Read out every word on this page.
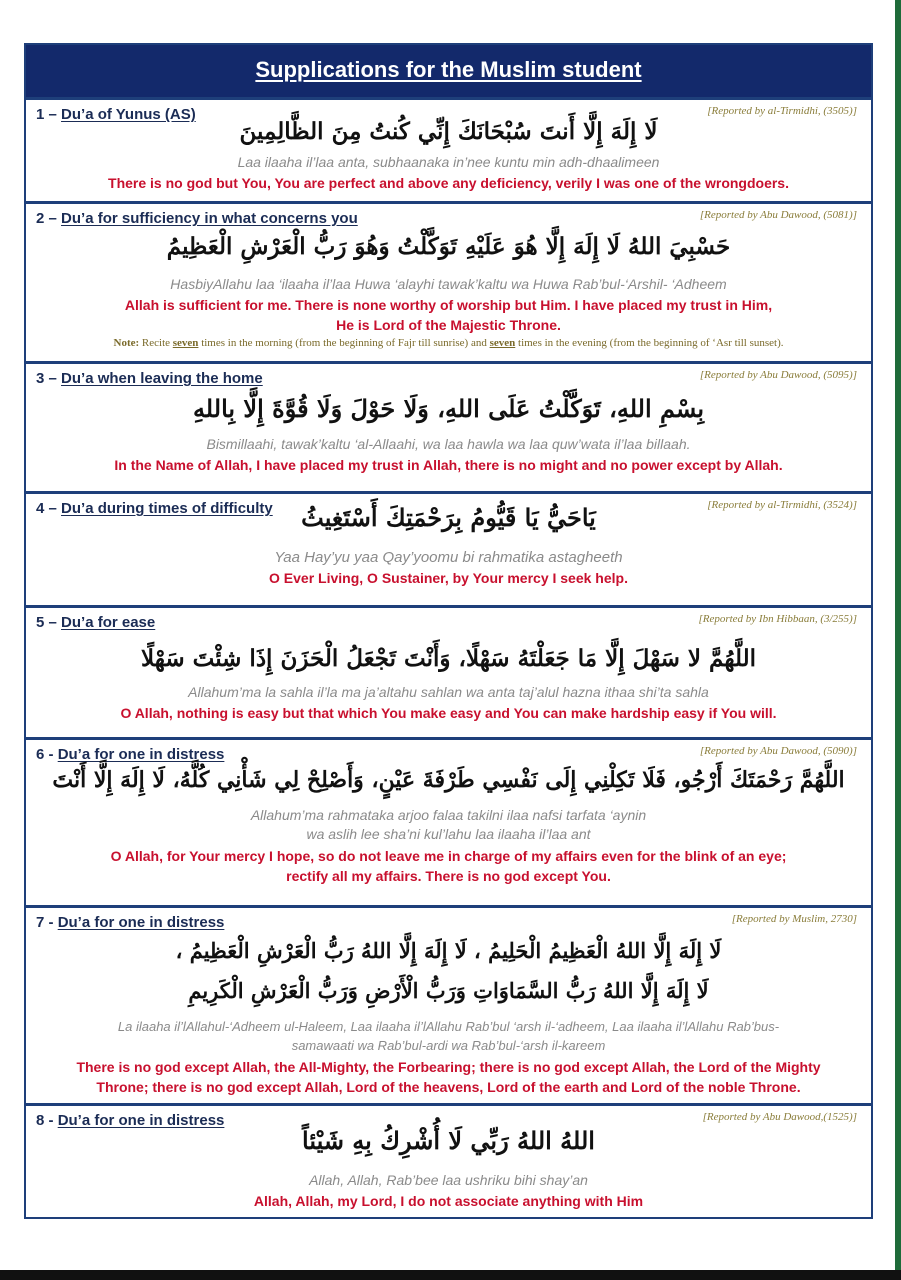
Supplications for the Muslim student
1 – Du’a of Yunus (AS)	[Reported by al-Tirmidhi, (3505)]
لَا إِلَهَ إِلَّا أَنتَ سُبْحَانَكَ إِنِّي كُنتُ مِنَ الظَّالِمِينَ
Laa ilaaha il’laa anta, subhaanaka in’nee kuntu min adh-dhaalimeen
There is no god but You, You are perfect and above any deficiency, verily I was one of the wrongdoers.
2 – Du’a for sufficiency in what concerns you	[Reported by Abu Dawood, (5081)]
حَسْبِيَ اللهُ لَا إِلَهَ إِلَّا هُوَ عَلَيْهِ تَوَكَّلْتُ وَهُوَ رَبُّ الْعَرْشِ الْعَظِيمُ
HasbiyAllahu laa ‘ilaaha il’laa Huwa ‘alayhi tawak’kaltu wa Huwa Rab’bul-‘Arshil- ‘Adheem
Allah is sufficient for me. There is none worthy of worship but Him. I have placed my trust in Him,
He is Lord of the Majestic Throne.
Note: Recite seven times in the morning (from the beginning of Fajr till sunrise) and seven times in the evening (from the beginning of ‘Asr till sunset).
3 – Du’a when leaving the home	[Reported by Abu Dawood, (5095)]
بِسْمِ اللهِ، تَوَكَّلْتُ عَلَى اللهِ، وَلَا حَوْلَ وَلَا قُوَّةَ إِلَّا بِاللهِ
Bismillaahi, tawak’kaltu ‘al-Allaahi, wa laa hawla wa laa quw’wata il’laa billaah.
In the Name of Allah, I have placed my trust in Allah, there is no might and no power except by Allah.
4 – Du’a during times of difficulty	[Reported by al-Tirmidhi, (3524)]
يَاحَيُّ يَا قَيُّومُ بِرَحْمَتِكَ أَسْتَغِيثُ
Yaa Hay’yu yaa Qay’yoomu bi rahmatika astagheeth
O Ever Living, O Sustainer, by Your mercy I seek help.
5 – Du’a for ease	[Reported by Ibn Hibbaan, (3/255)]
اللَّهُمَّ لا سَهْلَ إِلَّا مَا جَعَلْتَهُ سَهْلًا، وَأَنْتَ تَجْعَلُ الْحَزَنَ إِذَا شِئْتَ سَهْلًا
Allahum’ma la sahla il’la ma ja’altahu sahlan wa anta taj’alul hazna ithaa shi’ta sahla
O Allah, nothing is easy but that which You make easy and You can make hardship easy if You will.
6 - Du’a for one in distress	[Reported by Abu Dawood, (5090)]
اللَّهُمَّ رَحْمَتَكَ أَرْجُو، فَلَا تَكِلْنِي إِلَى نَفْسِي طَرْفَةَ عَيْنٍ، وَأَصْلِحْ لِي شَأْنِي كُلَّهُ، لَا إِلَهَ إِلَّا أَنْتَ
Allahum’ma rahmataka arjoo falaa takilni ilaa nafsi tarfata ‘aynin
wa aslih lee sha’ni kul’lahu laa ilaaha il’laa ant
O Allah, for Your mercy I hope, so do not leave me in charge of my affairs even for the blink of an eye;
rectify all my affairs. There is no god except You.
7 - Du’a for one in distress	[Reported by Muslim, 2730]
لَا إِلَهَ إِلَّا اللهُ الْعَظِيمُ الْحَلِيمُ ، لَا إِلَهَ إِلَّا اللهُ رَبُّ الْعَرْشِ الْعَظِيمُ ،
لَا إِلَهَ إِلَّا اللهُ رَبُّ السَّمَاوَاتِ وَرَبُّ الْأَرْضِ وَرَبُّ الْعَرْشِ الْكَرِيمِ
La ilaaha il’lAllahul-‘Adheem ul-Haleem, Laa ilaaha il’lAllahu Rab’bul ‘arsh il-‘adheem, Laa ilaaha il’lAllahu Rab’bus-
samawaati wa Rab’bul-ardi wa Rab’bul-‘arsh il-kareem
There is no god except Allah, the All-Mighty, the Forbearing; there is no god except Allah, the Lord of the Mighty
Throne; there is no god except Allah, Lord of the heavens, Lord of the earth and Lord of the noble Throne.
8 - Du’a for one in distress	[Reported by Abu Dawood,(1525)]
اللهُ اللهُ رَبِّي لَا أُشْرِكُ بِهِ شَيْئاً
Allah, Allah, Rab’bee laa ushriku bihi shay’an
Allah, Allah, my Lord, I do not associate anything with Him
